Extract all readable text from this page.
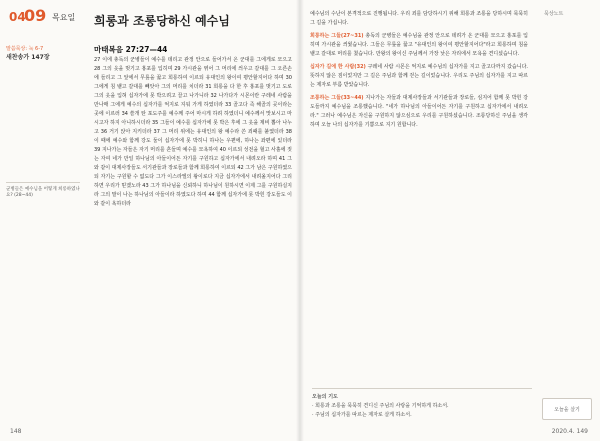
04
09 목요일 희롱과 조롱당하신 예수님
말씀묵상: 눅 6-7
새찬송가 147장
군병들은 예수님을 어떻게 희롱하였나요? (28~44)
마태복음 27:27—44
27 이에 총독의 군병들이 예수를 데리고 관정 안으로 들어가서 온 군대를 그에게로 모으고 28 그의 옷을 벗기고 홍포를 입히며 29 가시관을 엮어 그 머리에 씌우고 갈대를 그 오른손에 들리고 그 앞에서 무릎을 꿇고 희롱하여 이르되 유대인의 왕이여 평안할지어다 하며 30 그에게 침 뱉고 갈대를 빼앗아 그의 머리를 치더라 31 희롱을 다 한 후 홍포를 벗기고 도로 그의 옷을 입혀 십자가에 못 박으려고 끌고 나가니라 32 나가다가 시몬이란 구레네 사람을 만나매 그에게 예수의 십자가를 억지로 지워 가게 하였더라 33 골고다 즉 해골의 곳이라는 곳에 이르러 34 쓸개 탄 포도주를 예수께 주어 마시게 하려 하였더니 예수께서 맛보시고 마시고자 하지 아니하시더라 35 그들이 예수를 십자가에 못 박은 후에 그 옷을 제비 뽑아 나누고 36 거기 앉아 지키더라 37 그 머리 위에는 유대인의 왕 예수라 쓴 죄패를 붙였더라 38 이 때에 예수와 함께 강도 둘이 십자가에 못 박히니 하나는 우편에, 하나는 좌편에 있더라 39 지나가는 자들은 자기 머리를 흔들며 예수를 모욕하여 40 이르되 성전을 헐고 사흘에 짓는 자여 네가 만일 하나님의 아들이어든 자기를 구원하고 십자가에서 내려오라 하며 41 그와 같이 대제사장들도 서기관들과 장로들과 함께 희롱하여 이르되 42 그가 남은 구원하였으되 자기는 구원할 수 없도다 그가 이스라엘의 왕이로다 지금 십자가에서 내려올지어다 그리하면 우리가 믿겠노라 43 그가 하나님을 신뢰하니 하나님이 원하시면 이제 그를 구원하실지라 그의 말이 나는 하나님의 아들이라 하였도다 하며 44 함께 십자가에 못 박힌 강도들도 이와 같이 욕하더라
148
묵상노트

예수님의 수난이 본격적으로 진행됩니다. 우리 죄를 담당하시기 위해 희롱과 조롱을 당하시며 묵묵히 그 길을 가십니다.

희롱하는 그들(27~31) 총독의 군병들은 예수님을 관정 안으로 데려가 온 군대를 모으고 홍포를 입히며 가시관을 씌웠습니다. 그들은 무릎을 꿇고 "유대인의 왕이여 평안할지어다"라고 희롱하며 침을 뱉고 갈대로 머리를 쳤습니다. 만왕의 왕이신 주님께서 가장 낮은 자리에서 모욕을 견디셨습니다.

십자가 길에 한 사람(32) 구레네 사람 시몬은 억지로 예수님의 십자가를 지고 골고다까지 갔습니다. 뜻하지 않은 짐이었지만 그 길은 주님과 함께 걷는 길이었습니다. 우리도 주님의 십자가를 지고 따르는 제자로 부름 받았습니다.

조롱하는 그들(33~44) 지나가는 자들과 대제사장들과 서기관들과 장로들, 심지어 함께 못 박힌 강도들까지 예수님을 조롱했습니다. "네가 하나님의 아들이어든 자기를 구원하고 십자가에서 내려오라." 그러나 예수님은 자신을 구원하지 않으심으로 우리를 구원하셨습니다. 조롱당하신 주님을 생각하며 오늘 나의 십자가를 기쁨으로 지기 원합니다.

오늘의 기도
· 희롱과 조롱을 묵묵히 견디신 주님의 사랑을 기억하게 하소서.
· 주님의 십자가를 따르는 제자로 살게 하소서.
오늘을 살기
2020.4. 149
